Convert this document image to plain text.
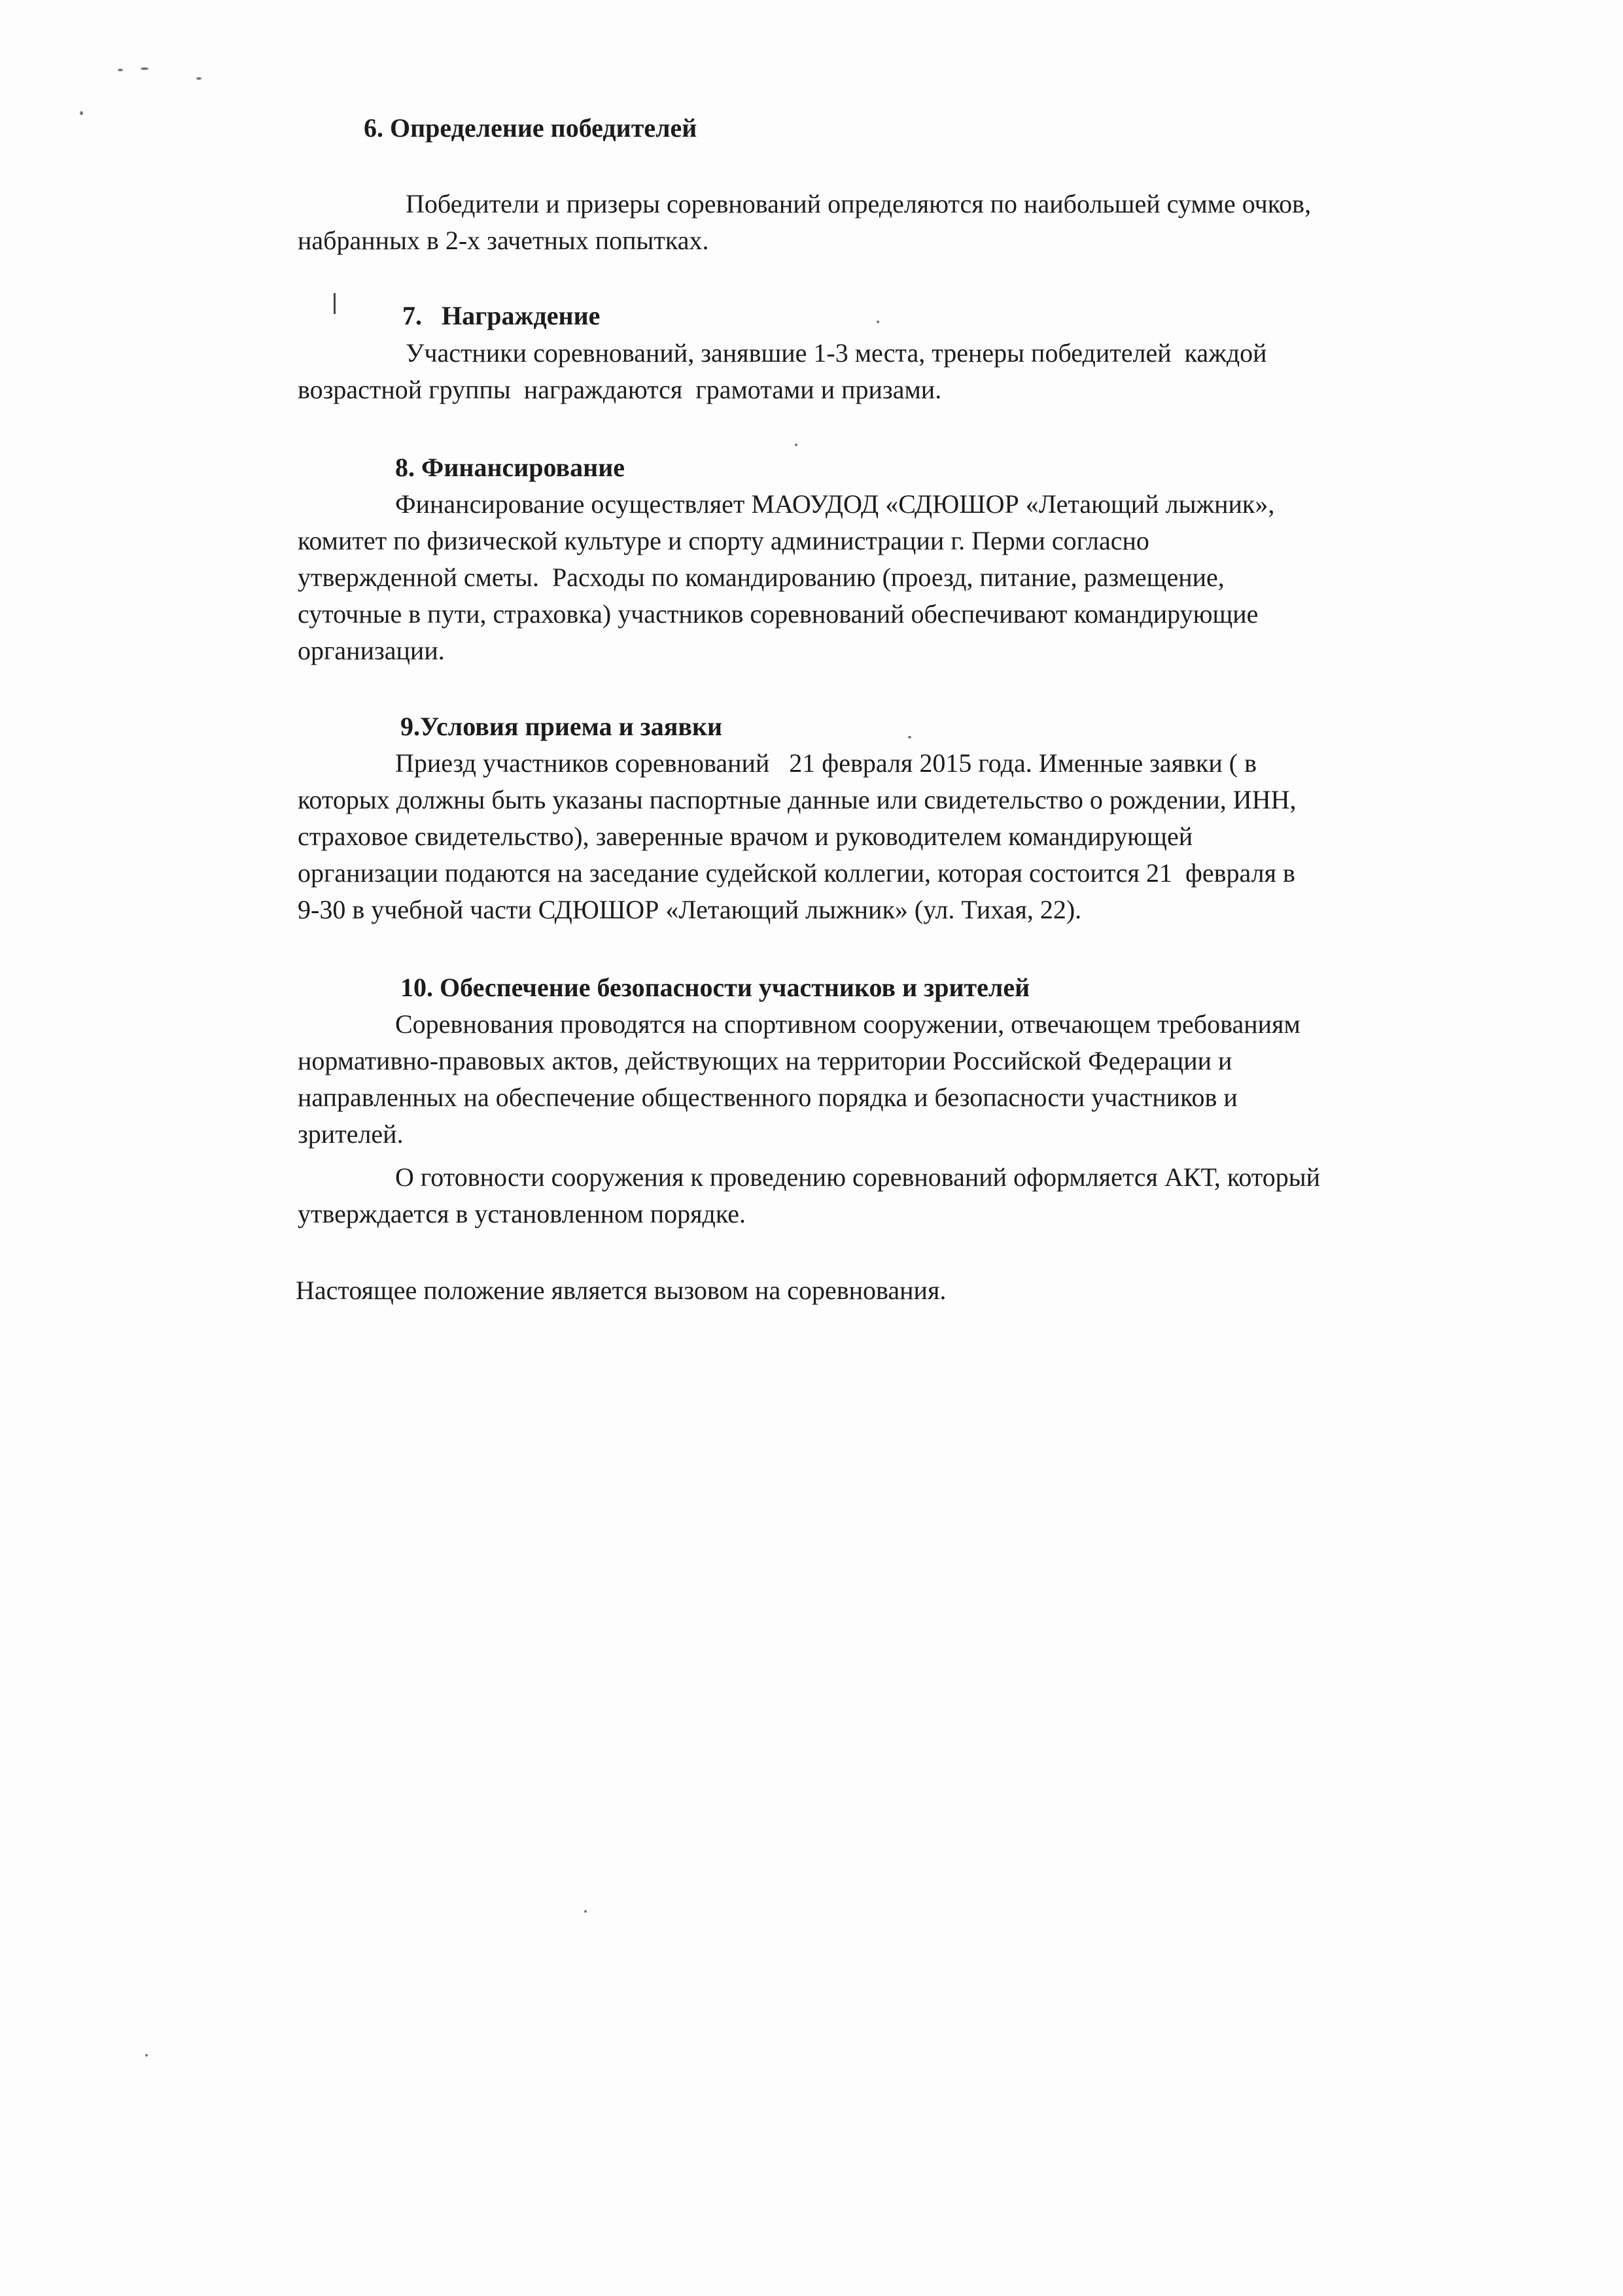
6. Определение победителей

Победители и призеры соревнований определяются по наибольшей сумме очков,

набранных в 2-х зачетных попытках.

7.   Награждение

Участники соревнований, занявшие 1-3 места, тренеры победителей  каждой

возрастной группы  награждаются  грамотами и призами.

8. Финансирование

Финансирование осуществляет МАОУДОД «СДЮШОР «Летающий лыжник»,

комитет по физической культуре и спорту администрации г. Перми согласно

утвержденной сметы.  Расходы по командированию (проезд, питание, размещение,

суточные в пути, страховка) участников соревнований обеспечивают командирующие

организации.

9.Условия приема и заявки

Приезд участников соревнований   21 февраля 2015 года. Именные заявки ( в

которых должны быть указаны паспортные данные или свидетельство о рождении, ИНН,

страховое свидетельство), заверенные врачом и руководителем командирующей

организации подаются на заседание судейской коллегии, которая состоится 21  февраля в

9-30 в учебной части СДЮШОР «Летающий лыжник» (ул. Тихая, 22).

10. Обеспечение безопасности участников и зрителей

Соревнования проводятся на спортивном сооружении, отвечающем требованиям

нормативно-правовых актов, действующих на территории Российской Федерации и

направленных на обеспечение общественного порядка и безопасности участников и

зрителей.

О готовности сооружения к проведению соревнований оформляется АКТ, который

утверждается в установленном порядке.

Настоящее положение является вызовом на соревнования.
